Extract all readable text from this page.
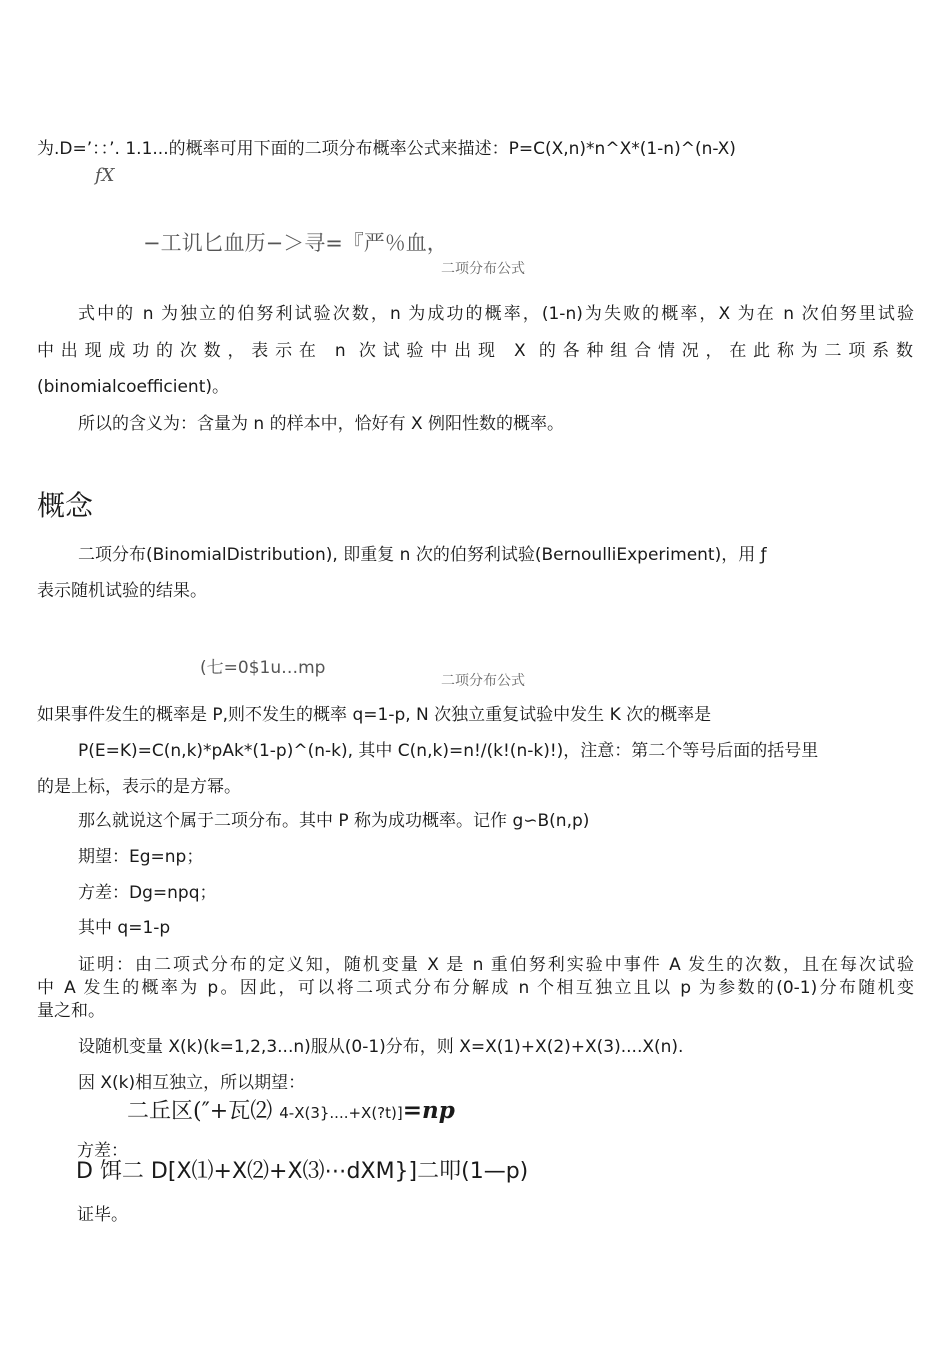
为.D=’：：’. 1.1...的概率可用下面的二项分布概率公式来描述：P=C(X,n)*n^X*(1-n)^(n-X)
fX
−工讥匕血历−＞寻=『严％血，
二项分布公式
式中的 n 为独立的伯努利试验次数，n 为成功的概率，(1-n)为失败的概率，X 为在 n 次伯努里试验
中出现成功的次数，表示在 n 次试验中出现 X 的各种组合情况，在此称为二项系数
(binomialcoefficient)。
所以的含义为：含量为 n 的样本中，恰好有 X 例阳性数的概率。
概念
二项分布(BinomialDistribution), 即重复 n 次的伯努利试验(BernoulliExperiment)，用 ƒ
表示随机试验的结果。
(七=0$1u…mp
二项分布公式
如果事件发生的概率是 P,则不发生的概率 q=1-p, N 次独立重复试验中发生 K 次的概率是
P(E=K)=C(n,k)*pAk*(1-p)^(n-k), 其中 C(n,k)=n!/(k!(n-k)!)，注意：第二个等号后面的括号里
的是上标，表示的是方幂。
那么就说这个属于二项分布。其中 P 称为成功概率。记作 g∽B(n,p)
期望：Eg=np；
方差：Dg=npq；
其中 q=1-p
证明：由二项式分布的定义知，随机变量 X 是 n 重伯努利实验中事件 A 发生的次数，且在每次试验
中 A 发生的概率为 p。因此，可以将二项式分布分解成 n 个相互独立且以 p 为参数的(0-1)分布随机变
量之和。
设随机变量 X(k)(k=1,2,3...n)服从(0-1)分布，则 X=X(1)+X(2)+X(3)....X(n).
因 X(k)相互独立，所以期望：
二丘区(″+瓦⑵ 4-X(3}....+X(?t)]=np
方差：
D 饵二 D[X⑴+X⑵+X⑶⋯dXM}]二叩(1—p)
证毕。
